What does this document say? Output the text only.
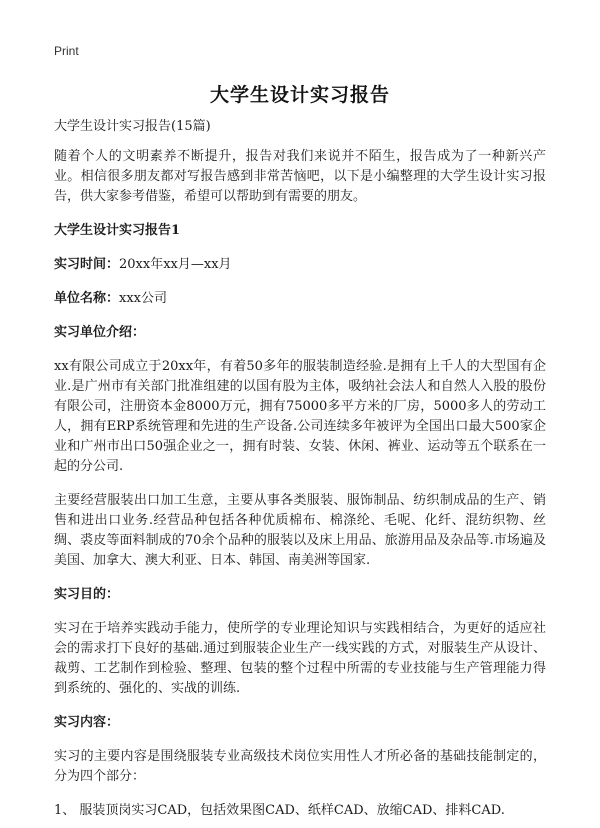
Print
大学生设计实习报告
大学生设计实习报告(15篇)

随着个人的文明素养不断提升，报告对我们来说并不陌生，报告成为了一种新兴产业。相信很多朋友都对写报告感到非常苦恼吧，以下是小编整理的大学生设计实习报告，供大家参考借鉴，希望可以帮助到有需要的朋友。

大学生设计实习报告1
实习时间：20xx年xx月—xx月
单位名称：xxx公司
实习单位介绍：

xx有限公司成立于20xx年，有着50多年的服装制造经验.是拥有上千人的大型国有企业.是广州市有关部门批准组建的以国有股为主体，吸纳社会法人和自然人入股的股份有限公司，注册资本金8000万元，拥有75000多平方米的厂房，5000多人的劳动工人，拥有ERP系统管理和先进的生产设备.公司连续多年被评为全国出口最大500家企业和广州市出口50强企业之一，拥有时装、女装、休闲、裤业、运动等五个联系在一起的分公司.

主要经营服装出口加工生意，主要从事各类服装、服饰制品、纺织制成品的生产、销售和进出口业务.经营品种包括各种优质棉布、棉涤纶、毛呢、化纤、混纺织物、丝绸、裘皮等面料制成的70余个品种的服装以及床上用品、旅游用品及杂品等.市场遍及美国、加拿大、澳大利亚、日本、韩国、南美洲等国家.

实习目的：

实习在于培养实践动手能力，使所学的专业理论知识与实践相结合，为更好的适应社会的需求打下良好的基础.通过到服装企业生产一线实践的方式，对服装生产从设计、裁剪、工艺制作到检验、整理、包装的整个过程中所需的专业技能与生产管理能力得到系统的、强化的、实战的训练.

实习内容：

实习的主要内容是围绕服装专业高级技术岗位实用性人才所必备的基础技能制定的，分为四个部分：

1、 服装顶岗实习CAD，包括效果图CAD、纸样CAD、放缩CAD、排料CAD.
